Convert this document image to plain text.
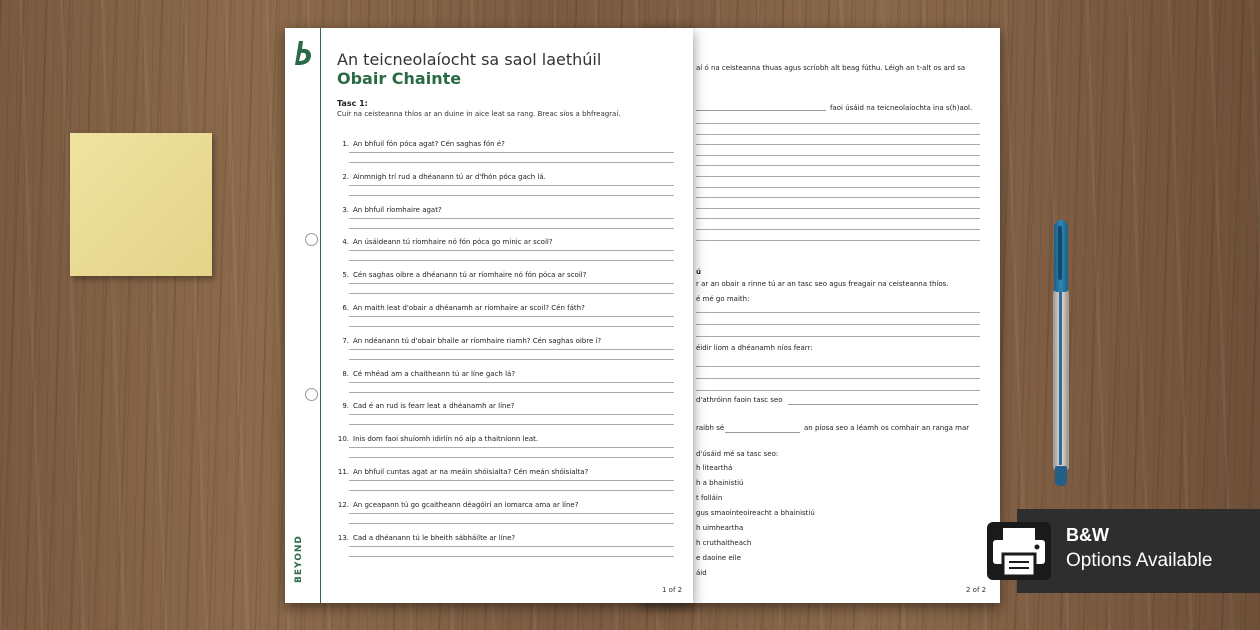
aí ó na ceisteanna thuas agus scríobh alt beag fúthu. Léigh an t-alt os ard sa
faoi úsáid na teicneolaíochta ina s(h)aol.
ú
r ar an obair a rinne tú ar an tasc seo agus freagair na ceisteanna thíos.
é mé go maith:
éidir liom a dhéanamh níos fearr:
d'athróinn faoin tasc seo
raibh sé	an píosa seo a léamh os comhair an ranga mar
d'úsáid mé sa tasc seo:
h litearthá
h a bhainistiú
t folláin
gus smaointeoireacht a bhainistiú
h uimheartha
h cruthaitheach
e daoine eile
áid
2 of 2
BEYOND
An teicneolaíocht sa saol laethúil
Obair Chainte
Tasc 1:
Cuir na ceisteanna thíos ar an duine in aice leat sa rang. Breac síos a bhfreagraí.
1. An bhfuil fón póca agat? Cén saghas fón é?
2. Ainmnigh trí rud a dhéanann tú ar d'fhón póca gach lá.
3. An bhfuil ríomhaire agat?
4. An úsáideann tú ríomhaire nó fón póca go minic ar scoil?
5. Cén saghas oibre a dhéanann tú ar ríomhaire nó fón póca ar scoil?
6. An maith leat d'obair a dhéanamh ar ríomhaire ar scoil? Cén fáth?
7. An ndéanann tú d'obair bhaile ar ríomhaire riamh? Cén saghas oibre í?
8. Cé mhéad am a chaitheann tú ar líne gach lá?
9. Cad é an rud is fearr leat a dhéanamh ar líne?
10. Inis dom faoi shuíomh idirlín nó aip a thaitníonn leat.
11. An bhfuil cuntas agat ar na meáin shóisialta? Cén meán shóisialta?
12. An gceapann tú go gcaitheann déagóirí an iomarca ama ar líne?
13. Cad a dhéanann tú le bheith sábháilte ar líne?
1 of 2
B&W
Options Available
